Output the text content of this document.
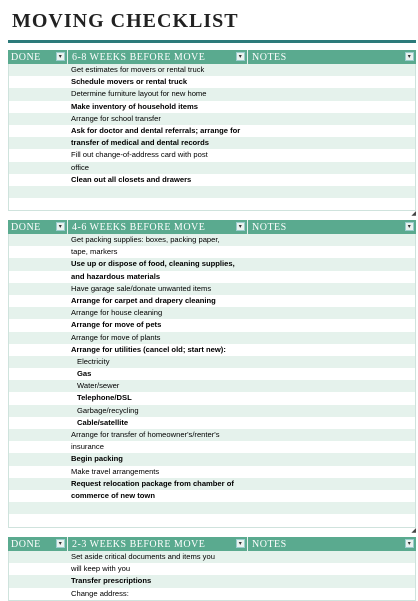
MOVING CHECKLIST
DONE	▾ 6-8 WEEKS BEFORE MOVE	▾ NOTES	▾
Get estimates for movers or rental truck
Schedule movers or rental truck
Determine furniture layout for new home
Make inventory of household items
Arrange for school transfer
Ask for doctor and dental referrals; arrange for
transfer of medical and dental records
Fill out change-of-address card with post
office
Clean out all closets and drawers
◢
DONE	▾ 4-6 WEEKS BEFORE MOVE	▾ NOTES	▾
Get packing supplies: boxes, packing paper,
tape, markers
Use up or dispose of food, cleaning supplies,
and hazardous materials
Have garage sale/donate unwanted items
Arrange for carpet and drapery cleaning
Arrange for house cleaning
Arrange for move of pets
Arrange for move of plants
Arrange for utilities (cancel old; start new):
Electricity
Gas
Water/sewer
Telephone/DSL
Garbage/recycling
Cable/satellite
Arrange for transfer of homeowner's/renter's
insurance
Begin packing
Make travel arrangements
Request relocation package from chamber of
commerce of new town
◢
DONE	▾ 2-3 WEEKS BEFORE MOVE	▾ NOTES	▾
Set aside critical documents and items you
will keep with you
Transfer prescriptions
Change address:
